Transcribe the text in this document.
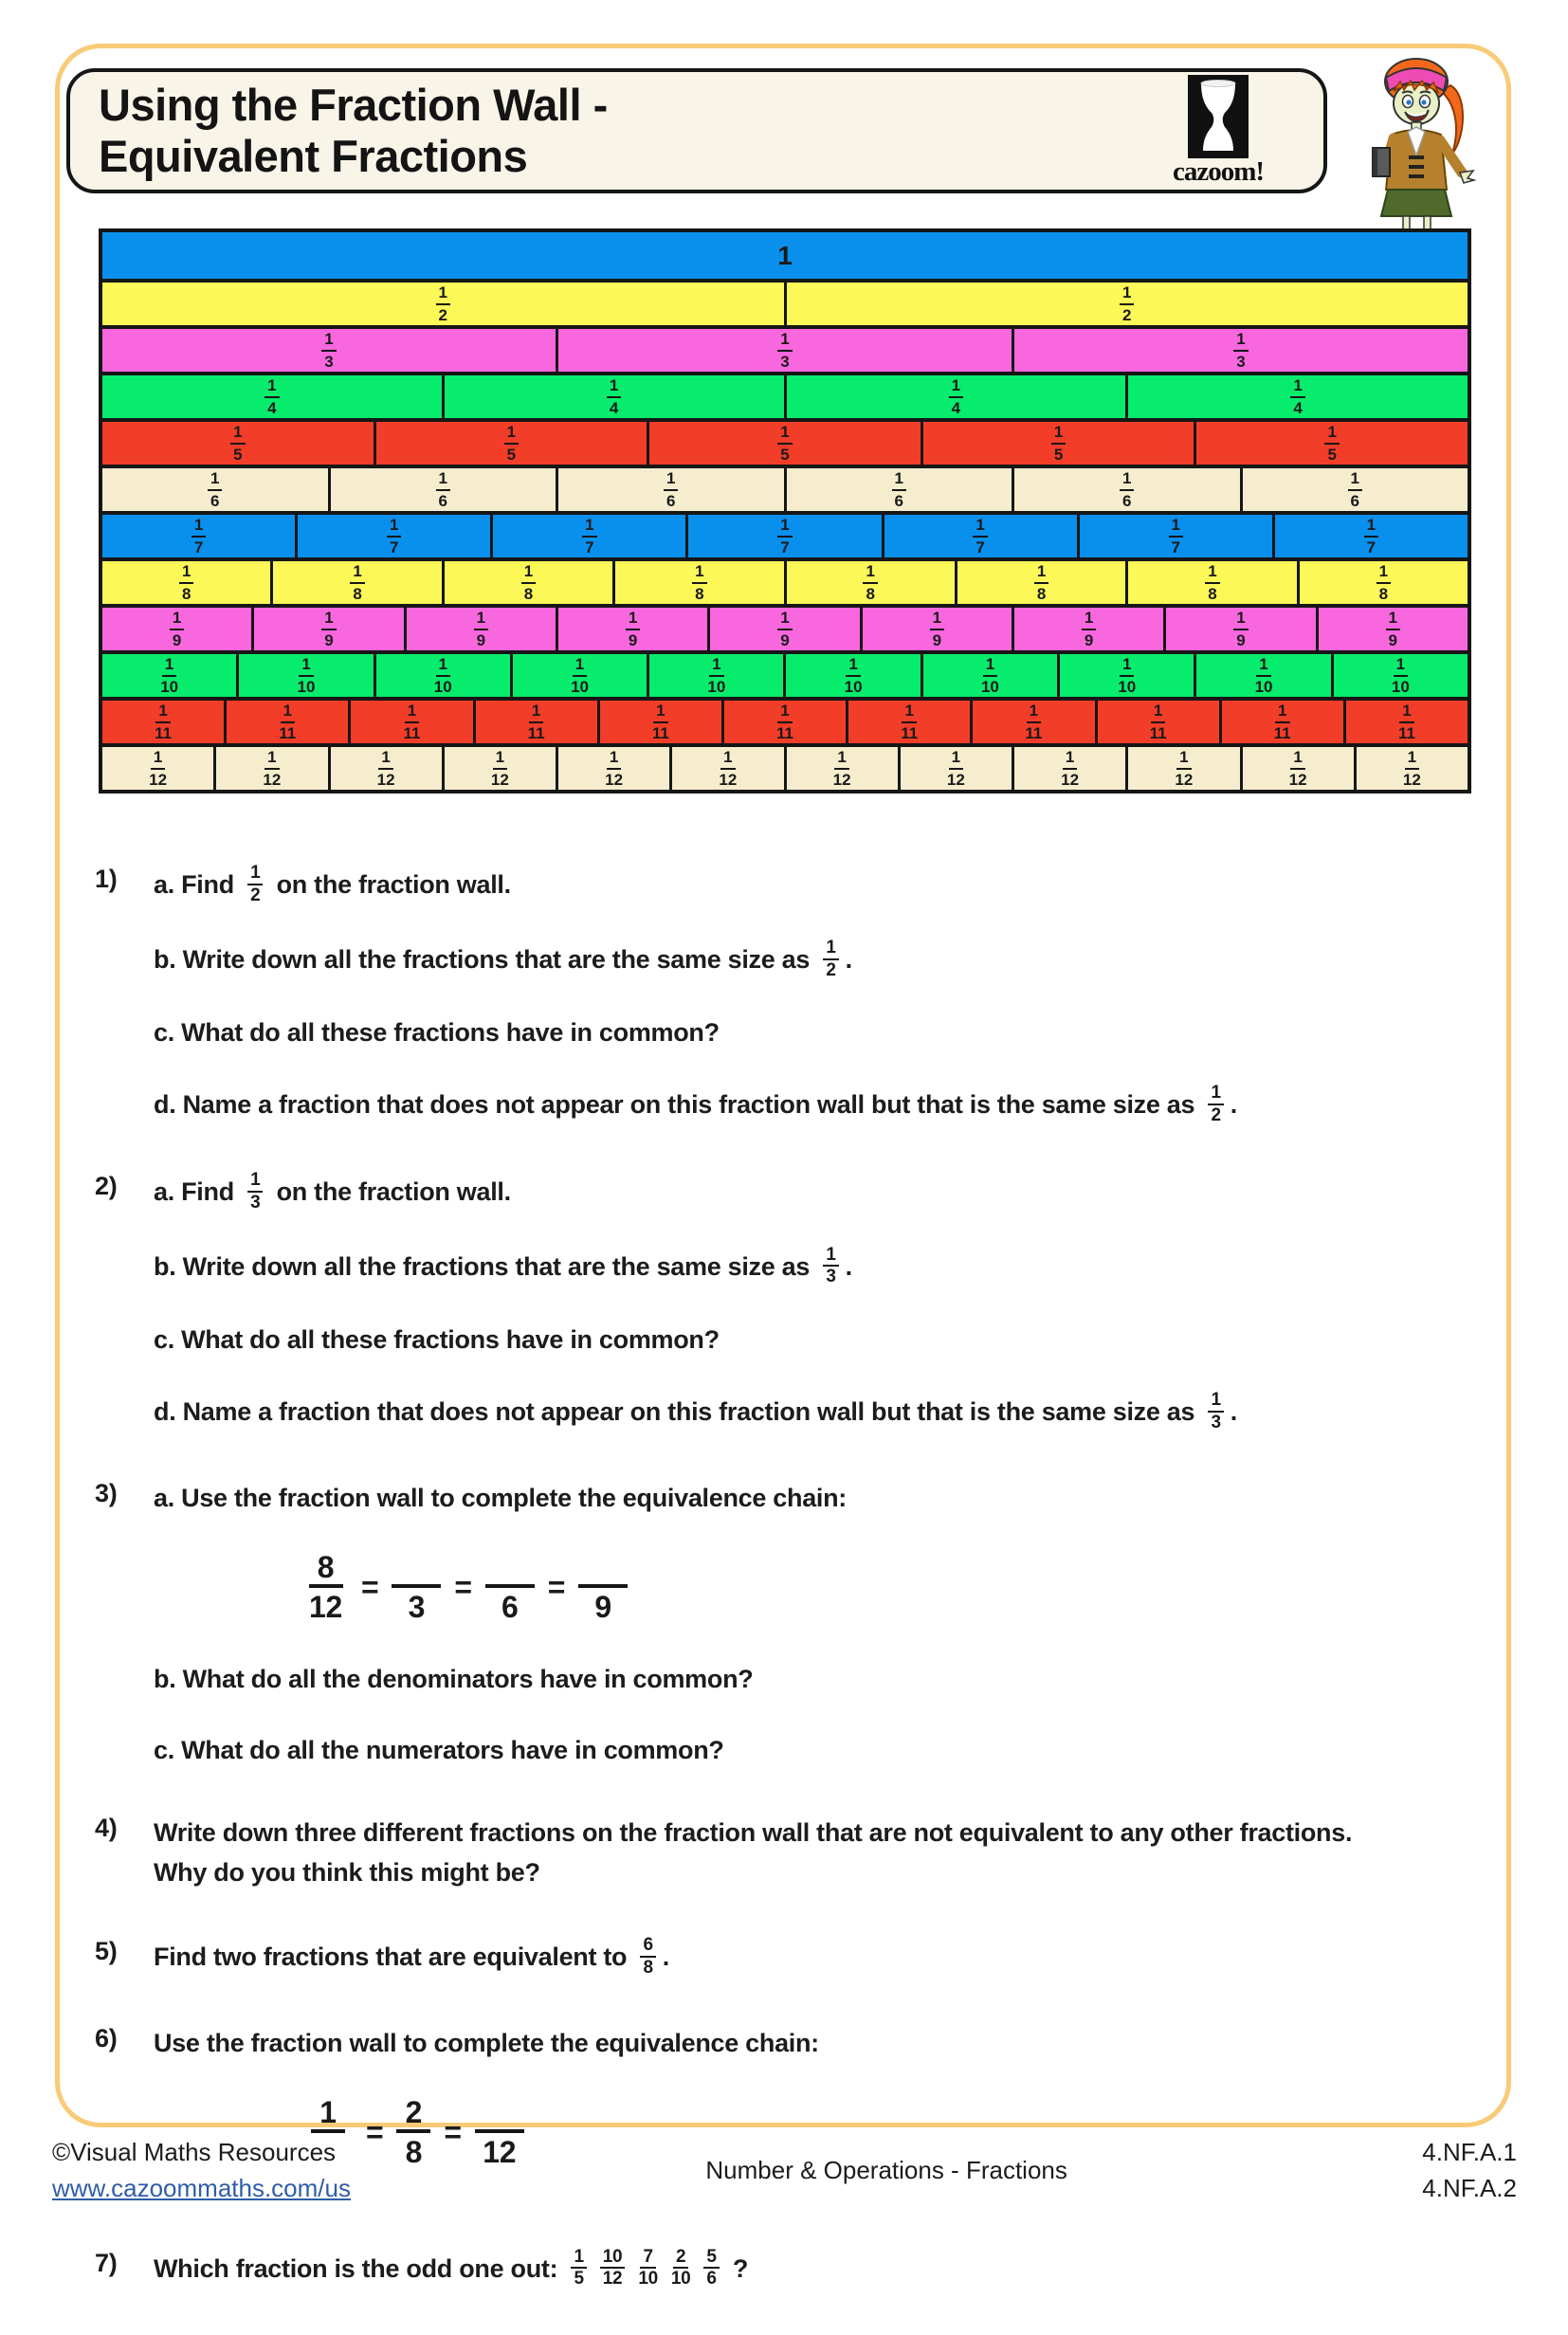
Using the Fraction Wall -
Equivalent Fractions	cazoom!
1
$\frac{1}{2}$	$\frac{1}{2}$
$\frac{1}{3}$	$\frac{1}{3}$	$\frac{1}{3}$
$\frac{1}{4}$	$\frac{1}{4}$	$\frac{1}{4}$	$\frac{1}{4}$
$\frac{1}{5}$	$\frac{1}{5}$	$\frac{1}{5}$	$\frac{1}{5}$	$\frac{1}{5}$
$\frac{1}{6}$	$\frac{1}{6}$	$\frac{1}{6}$	$\frac{1}{6}$	$\frac{1}{6}$	$\frac{1}{6}$
$\frac{1}{7}$	$\frac{1}{7}$	$\frac{1}{7}$	$\frac{1}{7}$	$\frac{1}{7}$	$\frac{1}{7}$	$\frac{1}{7}$
$\frac{1}{8}$	$\frac{1}{8}$	$\frac{1}{8}$	$\frac{1}{8}$	$\frac{1}{8}$	$\frac{1}{8}$	$\frac{1}{8}$	$\frac{1}{8}$
$\frac{1}{9}$	$\frac{1}{9}$	$\frac{1}{9}$	$\frac{1}{9}$	$\frac{1}{9}$	$\frac{1}{9}$	$\frac{1}{9}$	$\frac{1}{9}$	$\frac{1}{9}$
$\frac{1}{10}$	$\frac{1}{10}$	$\frac{1}{10}$	$\frac{1}{10}$	$\frac{1}{10}$	$\frac{1}{10}$	$\frac{1}{10}$	$\frac{1}{10}$	$\frac{1}{10}$	$\frac{1}{10}$
$\frac{1}{11}$	$\frac{1}{11}$	$\frac{1}{11}$	$\frac{1}{11}$	$\frac{1}{11}$	$\frac{1}{11}$	$\frac{1}{11}$	$\frac{1}{11}$	$\frac{1}{11}$	$\frac{1}{11}$	$\frac{1}{11}$
$\frac{1}{12}$	$\frac{1}{12}$	$\frac{1}{12}$	$\frac{1}{12}$	$\frac{1}{12}$	$\frac{1}{12}$	$\frac{1}{12}$	$\frac{1}{12}$	$\frac{1}{12}$	$\frac{1}{12}$	$\frac{1}{12}$	$\frac{1}{12}$
1)	a. Find $\frac{1}{2}$ on the fraction wall.
b. Write down all the fractions that are the same size as $\frac{1}{2}$ .
c. What do all these fractions have in common?
d. Name a fraction that does not appear on this fraction wall but that is the same size as $\frac{1}{2}$ .
2)	a. Find $\frac{1}{3}$ on the fraction wall.
b. Write down all the fractions that are the same size as $\frac{1}{3}$ .
c. What do all these fractions have in common?
d. Name a fraction that does not appear on this fraction wall but that is the same size as $\frac{1}{3}$ .
3)	a. Use the fraction wall to complete the equivalence chain:
$\frac{8}{12}$ =
3
=
6
=
9
b. What do all the denominators have in common?
c. What do all the numerators have in common?
4)	Write down three different fractions on the fraction wall that are not equivalent to any other fractions.
Why do you think this might be?
5)	Find two fractions that are equivalent to $\frac{6}{8}$ .
6)	Use the fraction wall to complete the equivalence chain:
1
= $\frac{2}{8}$ =
12
7)	Which fraction is the odd one out: $\frac{1}{5} \frac{10}{12} \frac{7}{10} \frac{2}{10} \frac{5}{6}$ ?
©Visual Maths Resources
www.cazoommaths.com/us
Number & Operations - Fractions
4.NF.A.1
4.NF.A.2
